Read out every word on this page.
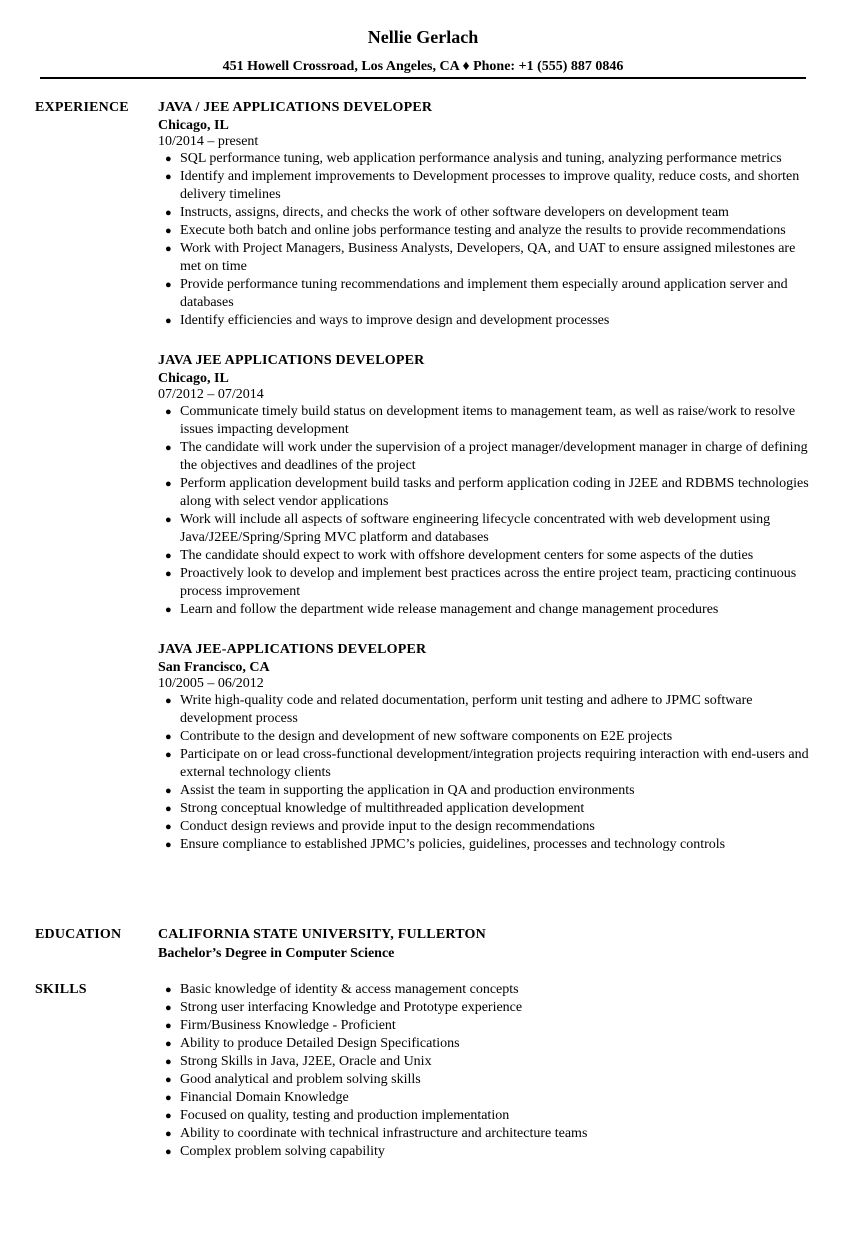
Nellie Gerlach
451 Howell Crossroad, Los Angeles, CA ♦ Phone: +1 (555) 887 0846
EXPERIENCE JAVA / JEE APPLICATIONS DEVELOPER
Chicago, IL
10/2014 – present
● SQL performance tuning, web application performance analysis and tuning, analyzing performance metrics
● Identify and implement improvements to Development processes to improve quality, reduce costs, and shorten delivery timelines
● Instructs, assigns, directs, and checks the work of other software developers on development team
● Execute both batch and online jobs performance testing and analyze the results to provide recommendations
● Work with Project Managers, Business Analysts, Developers, QA, and UAT to ensure assigned milestones are met on time
● Provide performance tuning recommendations and implement them especially around application server and databases
● Identify efficiencies and ways to improve design and development processes
JAVA JEE APPLICATIONS DEVELOPER
Chicago, IL
07/2012 – 07/2014
● Communicate timely build status on development items to management team, as well as raise/work to resolve issues impacting development
● The candidate will work under the supervision of a project manager/development manager in charge of defining the objectives and deadlines of the project
● Perform application development build tasks and perform application coding in J2EE and RDBMS technologies along with select vendor applications
● Work will include all aspects of software engineering lifecycle concentrated with web development using Java/J2EE/Spring/Spring MVC platform and databases
● The candidate should expect to work with offshore development centers for some aspects of the duties
● Proactively look to develop and implement best practices across the entire project team, practicing continuous process improvement
● Learn and follow the department wide release management and change management procedures
JAVA JEE-APPLICATIONS DEVELOPER
San Francisco, CA
10/2005 – 06/2012
● Write high-quality code and related documentation, perform unit testing and adhere to JPMC software development process
● Contribute to the design and development of new software components on E2E projects
● Participate on or lead cross-functional development/integration projects requiring interaction with end-users and external technology clients
● Assist the team in supporting the application in QA and production environments
● Strong conceptual knowledge of multithreaded application development
● Conduct design reviews and provide input to the design recommendations
● Ensure compliance to established JPMC’s policies, guidelines, processes and technology controls
EDUCATION	CALIFORNIA STATE UNIVERSITY, FULLERTON
Bachelor’s Degree in Computer Science
SKILLS	● Basic knowledge of identity & access management concepts
● Strong user interfacing Knowledge and Prototype experience
● Firm/Business Knowledge - Proficient
● Ability to produce Detailed Design Specifications
● Strong Skills in Java, J2EE, Oracle and Unix
● Good analytical and problem solving skills
● Financial Domain Knowledge
● Focused on quality, testing and production implementation
● Ability to coordinate with technical infrastructure and architecture teams
● Complex problem solving capability
